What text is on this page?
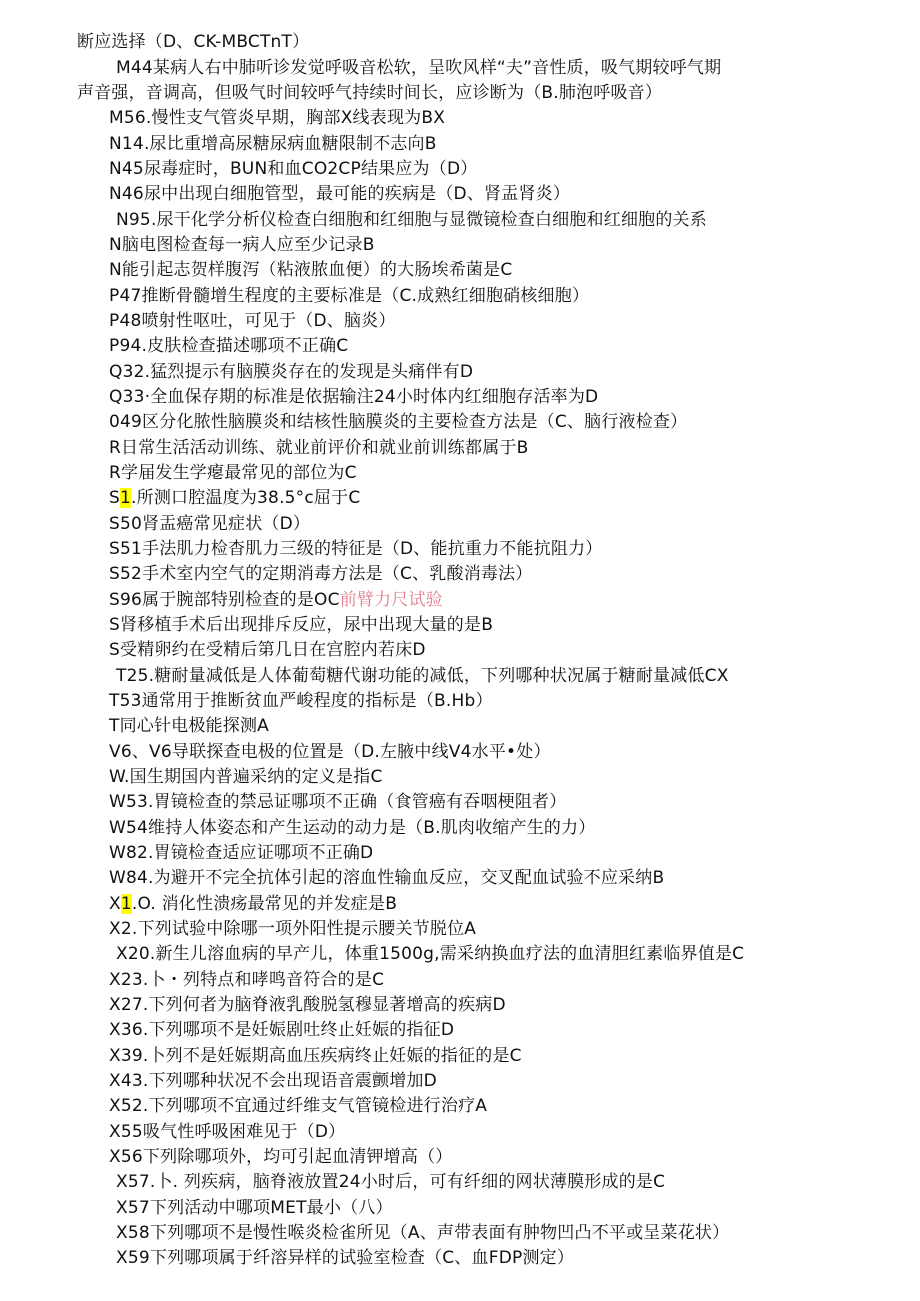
断应选择（D、CK-MBCTnT）
M44某病人右中肺听诊发觉呼吸音松软，呈吹风样“夫”音性质，吸气期较呼气期
声音强，音调高，但吸气时间较呼气持续时间长，应诊断为（B.肺泡呼吸音）
M56.慢性支气管炎早期，胸部X线表现为BX
N14.尿比重增高尿糖尿病血糖限制不志向B
N45尿毒症时，BUN和血CO2CP结果应为（D）
N46尿中出现白细胞管型，最可能的疾病是（D、肾盂肾炎）
N95.尿干化学分析仪检查白细胞和红细胞与显微镜检查白细胞和红细胞的关系
N脑电图检查每一病人应至少记录B
N能引起志贺样腹泻（粘液脓血便）的大肠埃希菌是C
P47推断骨髓增生程度的主要标准是（C.成熟红细胞硝核细胞）
P48喷射性呕吐，可见于（D、脑炎）
P94.皮肤检查描述哪项不正确C
Q32.猛烈提示有脑膜炎存在的发现是头痛伴有D
Q33·全血保存期的标准是依据输注24小时体内红细胞存活率为D
049区分化脓性脑膜炎和结核性脑膜炎的主要检查方法是（C、脑行液检查）
R日常生活活动训练、就业前评价和就业前训练都属于B
R学届发生学瘪最常见的部位为C
S1.所测口腔温度为38.5°c屈于C
S50肾盂癌常见症状（D）
S51手法肌力检杳肌力三级的特征是（D、能抗重力不能抗阻力）
S52手术室内空气的定期消毒方法是（C、乳酸消毒法）
S96属于腕部特别检查的是OC前臂力尺试验
S肾移植手术后出现排斥反应，尿中出现大量的是B
S受精卵约在受精后第几日在宫腔内若床D
T25.糖耐量减低是人体葡萄糖代谢功能的减低，下列哪种状况属于糖耐量减低CX
T53通常用于推断贫血严峻程度的指标是（B.Hb）
T同心针电极能探测A
V6、V6导联探查电极的位置是（D.左腋中线V4水平•处）
W.国生期国内普遍采纳的定义是指C
W53.胃镜检查的禁忌证哪项不正确（食管癌有吞咽梗阻者）
W54维持人体姿态和产生运动的动力是（B.肌肉收缩产生的力）
W82.胃镜检查适应证哪项不正确D
W84.为避开不完全抗体引起的溶血性输血反应，交叉配血试验不应采纳B
X1.O. 消化性溃疡最常见的并发症是B
X2.下列试验中除哪一项外阳性提示腰关节脱位A
X20.新生儿溶血病的早产儿，体重1500g,需采纳换血疗法的血清胆红素临界值是C
X23.卜・列特点和哮鸣音符合的是C
X27.下列何者为脑脊液乳酸脱氢穆显著增高的疾病D
X36.下列哪项不是妊娠剧吐终止妊娠的指征D
X39.卜列不是妊娠期高血压疾病终止妊娠的指征的是C
X43.下列哪种状况不会出现语音震颤增加D
X52.下列哪项不宜通过纤维支气管镜检进行治疗A
X55吸气性呼吸困难见于（D）
X56下列除哪项外，均可引起血清钾增高（）
X57.卜. 列疾病，脑脊液放置24小时后，可有纤细的网状薄膜形成的是C
X57下列活动中哪项MET最小（八）
X58下列哪项不是慢性喉炎检雀所见（A、声带表面有肿物凹凸不平或呈菜花状）
X59下列哪项属于纤溶异样的试验室检查（C、血FDP测定）
